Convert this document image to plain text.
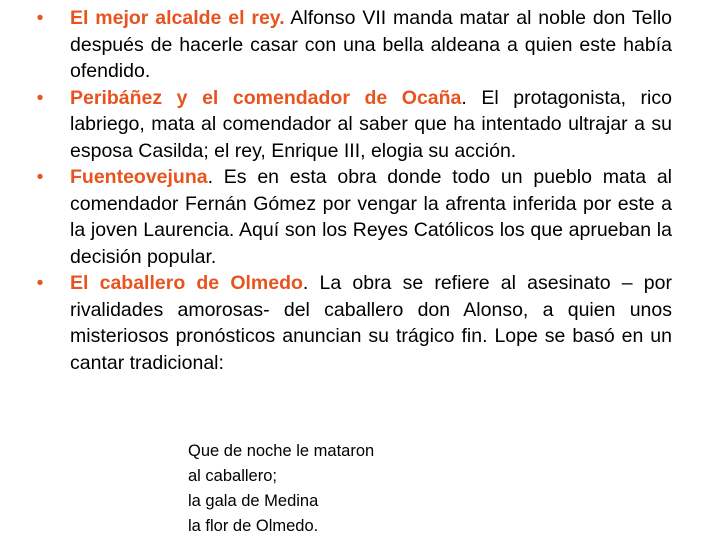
•	El mejor alcalde el rey. Alfonso VII manda matar al noble don Tello después de hacerle casar con una bella aldeana a quien este había ofendido.
•	Peribáñez y el comendador de Ocaña. El protagonista, rico labriego, mata al comendador al saber que ha intentado ultrajar a su esposa Casilda; el rey, Enrique III, elogia su acción.
•	Fuenteovejuna. Es en esta obra donde todo un pueblo mata al comendador Fernán Gómez por vengar la afrenta inferida por este a la joven Laurencia. Aquí son los Reyes Católicos los que aprueban la decisión popular.
•	El caballero de Olmedo. La obra se refiere al asesinato – por rivalidades amorosas- del caballero don Alonso, a quien unos misteriosos pronósticos anuncian su trágico fin. Lope se basó en un cantar tradicional:
Que de noche le mataron
al caballero;
la gala de Medina
la flor de Olmedo.
